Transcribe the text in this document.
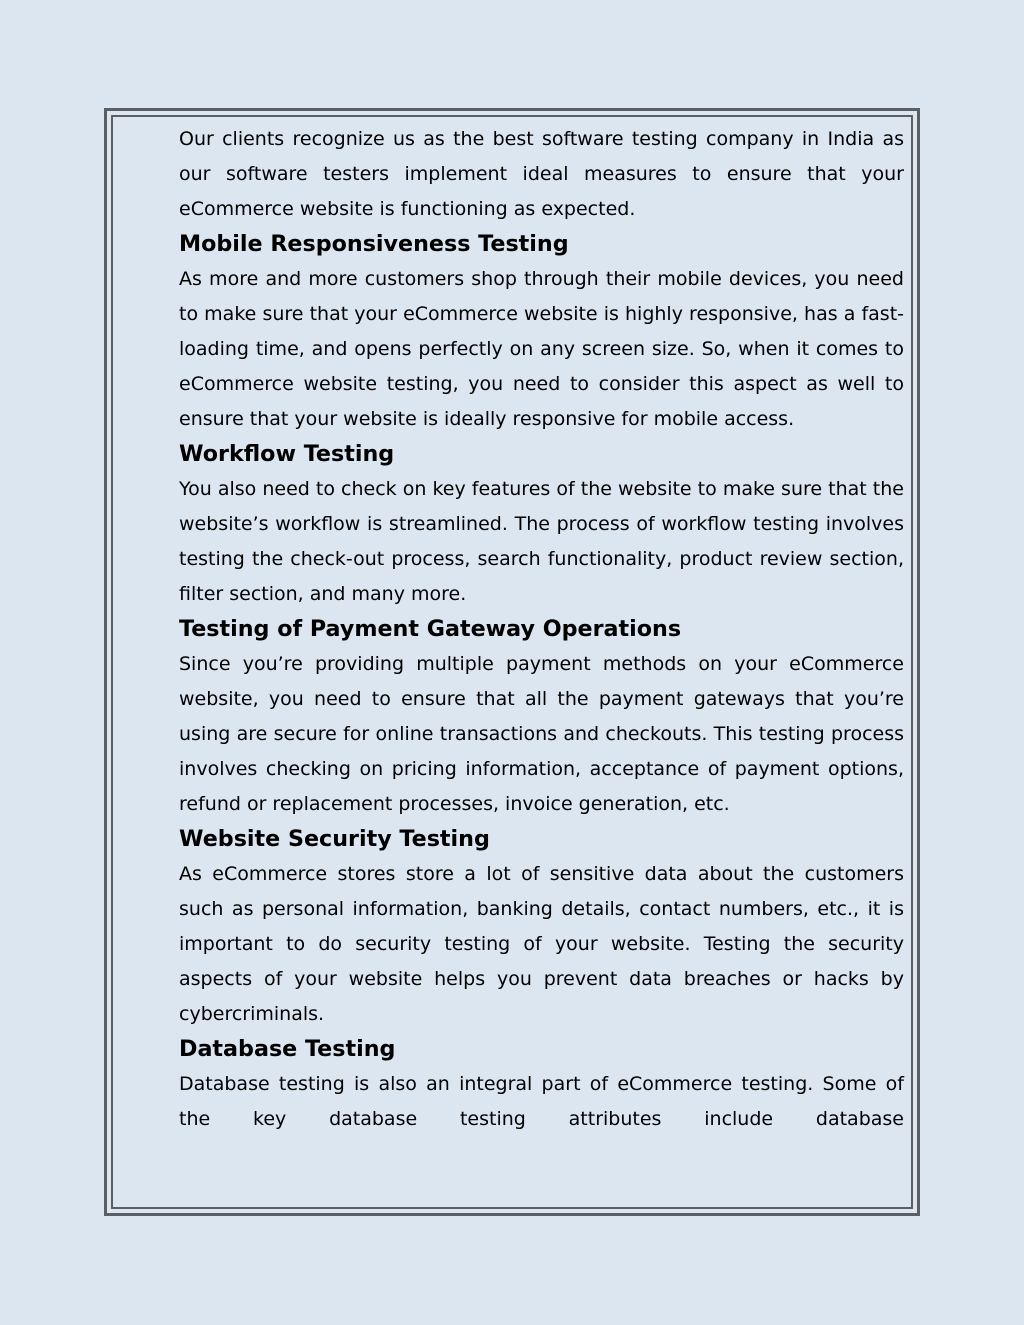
Our clients recognize us as the best software testing company in India as our software testers implement ideal measures to ensure that your eCommerce website is functioning as expected.

Mobile Responsiveness Testing

As more and more customers shop through their mobile devices, you need to make sure that your eCommerce website is highly responsive, has a fast-loading time, and opens perfectly on any screen size. So, when it comes to eCommerce website testing, you need to consider this aspect as well to ensure that your website is ideally responsive for mobile access.

Workflow Testing

You also need to check on key features of the website to make sure that the website’s workflow is streamlined. The process of workflow testing involves testing the check-out process, search functionality, product review section, filter section, and many more.

Testing of Payment Gateway Operations

Since you’re providing multiple payment methods on your eCommerce website, you need to ensure that all the payment gateways that you’re using are secure for online transactions and checkouts. This testing process involves checking on pricing information, acceptance of payment options, refund or replacement processes, invoice generation, etc.

Website Security Testing

As eCommerce stores store a lot of sensitive data about the customers such as personal information, banking details, contact numbers, etc., it is important to do security testing of your website. Testing the security aspects of your website helps you prevent data breaches or hacks by cybercriminals.

Database Testing

Database testing is also an integral part of eCommerce testing. Some of the key database testing attributes include database
